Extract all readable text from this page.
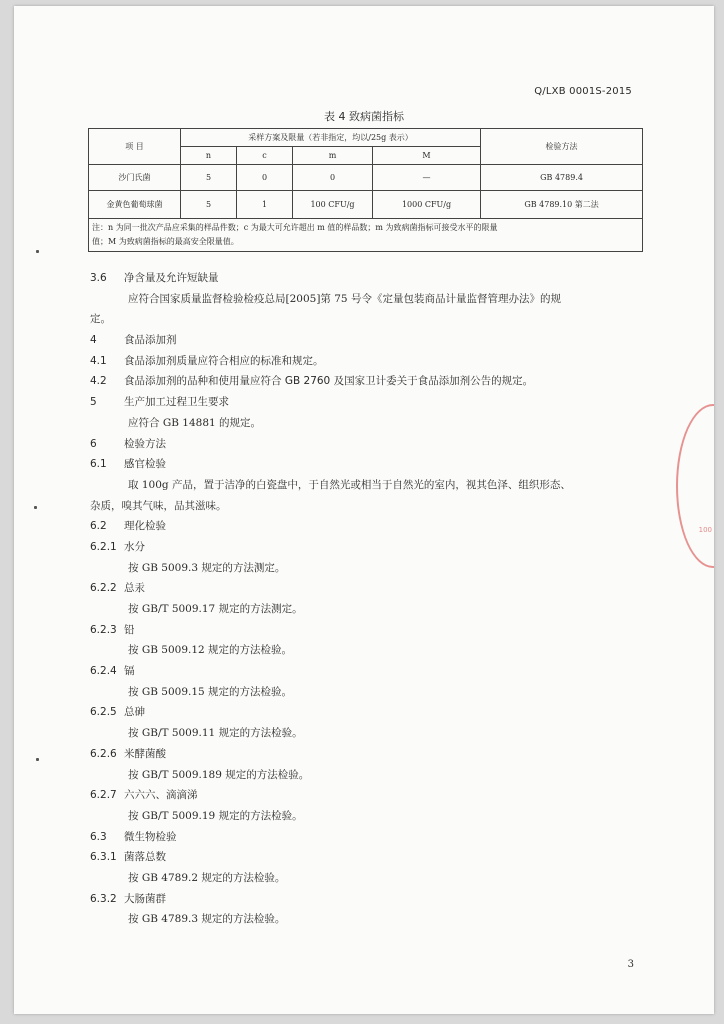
Q/LXB 0001S-2015
表 4 致病菌指标
项 目	采样方案及限量（若非指定，均以/25g 表示）				检验方法
	n	c	m	M	
沙门氏菌	5	0	0	—	GB 4789.4
金黄色葡萄球菌	5	1	100 CFU/g	1000 CFU/g	GB 4789.10 第二法

注：n 为同一批次产品应采集的样品件数；c 为最大可允许超出 m 值的样品数；m 为致病菌指标可接受水平的限量
值；M 为致病菌指标的最高安全限量值。					
3.6 净含量及允许短缺量
应符合国家质量监督检验检疫总局[2005]第 75 号令《定量包装商品计量监督管理办法》的规
定。
4	食品添加剂
4.1 食品添加剂质量应符合相应的标准和规定。
4.2 食品添加剂的品种和使用量应符合 GB 2760 及国家卫计委关于食品添加剂公告的规定。
5	生产加工过程卫生要求
应符合 GB 14881 的规定。
6	检验方法
6.1 感官检验
取 100g 产品，置于洁净的白瓷盘中，于自然光或相当于自然光的室内，视其色泽、组织形态、
杂质，嗅其气味，品其滋味。
6.2 理化检验
6.2.1 水分
按 GB 5009.3 规定的方法测定。
6.2.2 总汞
按 GB/T 5009.17 规定的方法测定。
6.2.3 铅
按 GB 5009.12 规定的方法检验。
6.2.4 镉
按 GB 5009.15 规定的方法检验。
6.2.5 总砷
按 GB/T 5009.11 规定的方法检验。
6.2.6 米酵菌酸
按 GB/T 5009.189 规定的方法检验。
6.2.7 六六六、滴滴涕
按 GB/T 5009.19 规定的方法检验。
6.3 微生物检验
6.3.1 菌落总数
按 GB 4789.2 规定的方法检验。
6.3.2 大肠菌群
按 GB 4789.3 规定的方法检验。
3
100
